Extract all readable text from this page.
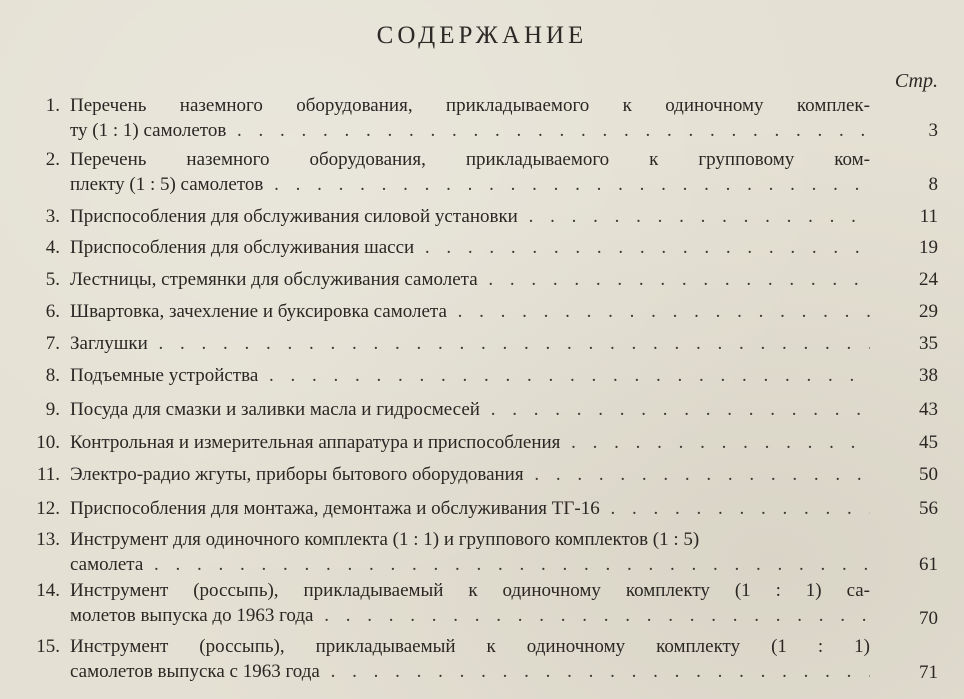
СОДЕРЖАНИЕ
Стр.
1. Перечень наземного оборудования, прикладываемого к одиночному комплек-
ту (1 : 1) самолетов . . .	3
2. Перечень наземного оборудования, прикладываемого к групповому ком-
плекту (1 : 5) самолетов . . .	8
3. Приспособления для обслуживания силовой установки . . .	11
4. Приспособления для обслуживания шасси . . .	19
5. Лестницы, стремянки для обслуживания самолета . . .	24
6. Швартовка, зачехление и буксировка самолета . . .	29
7. Заглушки . . .	35
8. Подъемные устройства . . .	38
9. Посуда для смазки и заливки масла и гидросмесей . . .	43
10. Контрольная и измерительная аппаратура и приспособления . . .	45
11. Электро-радио жгуты, приборы бытового оборудования . . .	50
12. Приспособления для монтажа, демонтажа и обслуживания ТГ-16 . . .	56
13. Инструмент для одиночного комплекта (1 : 1) и группового комплектов (1 : 5)
самолета . . .	61
14. Инструмент (россыпь), прикладываемый к одиночному комплекту (1 : 1) са-
молетов выпуска до 1963 года . . .	70
15. Инструмент (россыпь), прикладываемый к одиночному комплекту (1 : 1)
самолетов выпуска с 1963 года . . .	71
